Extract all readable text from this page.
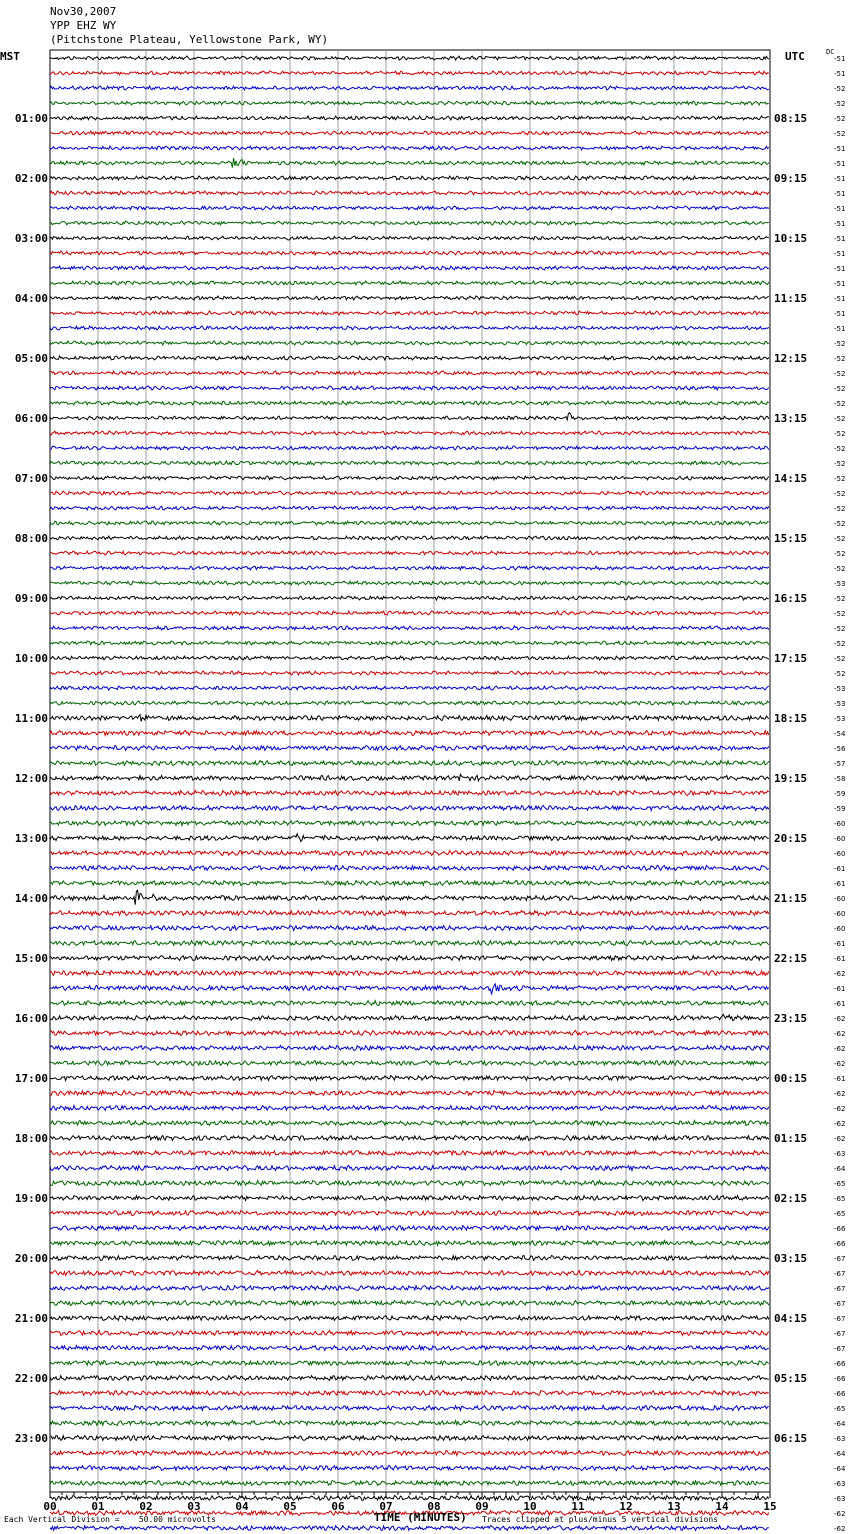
Nov30,2007
YPP EHZ WY
(Pitchstone Plateau, Yellowstone Park, WY)
MST	UTC	DC
00	01	02	03	04	05	06	07	08	09	10	11	12	13	14	15
-51
-51
-52
-52
-52
-52
-51
-51
-51
-51
-51
-51
-51
-51
-51
-51
-51
-51
-51
-52
-52
-52
-52
-52
-52
-52
-52
-52
-52
-52
-52
-52
-52
-52
-52
-53
-52
-52
-52
-52
-52
-52
-53
-53
-53
-54
-56
-57
-58
-59
-59
-60
-60
-60
-61
-61
-60
-60
-60
-61
-61
-62
-61
-61
-62
-62
-62
-62
-61
-62
-62
-62
-62
-63
-64
-65
-65
-65
-66
-66
-67
-67
-67
-67
-67
-67
-67
-66
-66
-66
-65
-64
-63
-64
-64
-63
-63
-62
-62
01:00	08:15
02:00	09:15
03:00	10:15
04:00	11:15
05:00	12:15
06:00	13:15
07:00	14:15
08:00	15:15
09:00	16:15
10:00	17:15
11:00	18:15
12:00	19:15
13:00	20:15
14:00	21:15
15:00	22:15
16:00	23:15
17:00	00:15
18:00	01:15
19:00	02:15
20:00	03:15
21:00	04:15
22:00	05:15
23:00	06:15
Each Vertical Division =    50.00 microvolts	TIME (MINUTES) Traces clipped at plus/minus 5 vertical divisions
